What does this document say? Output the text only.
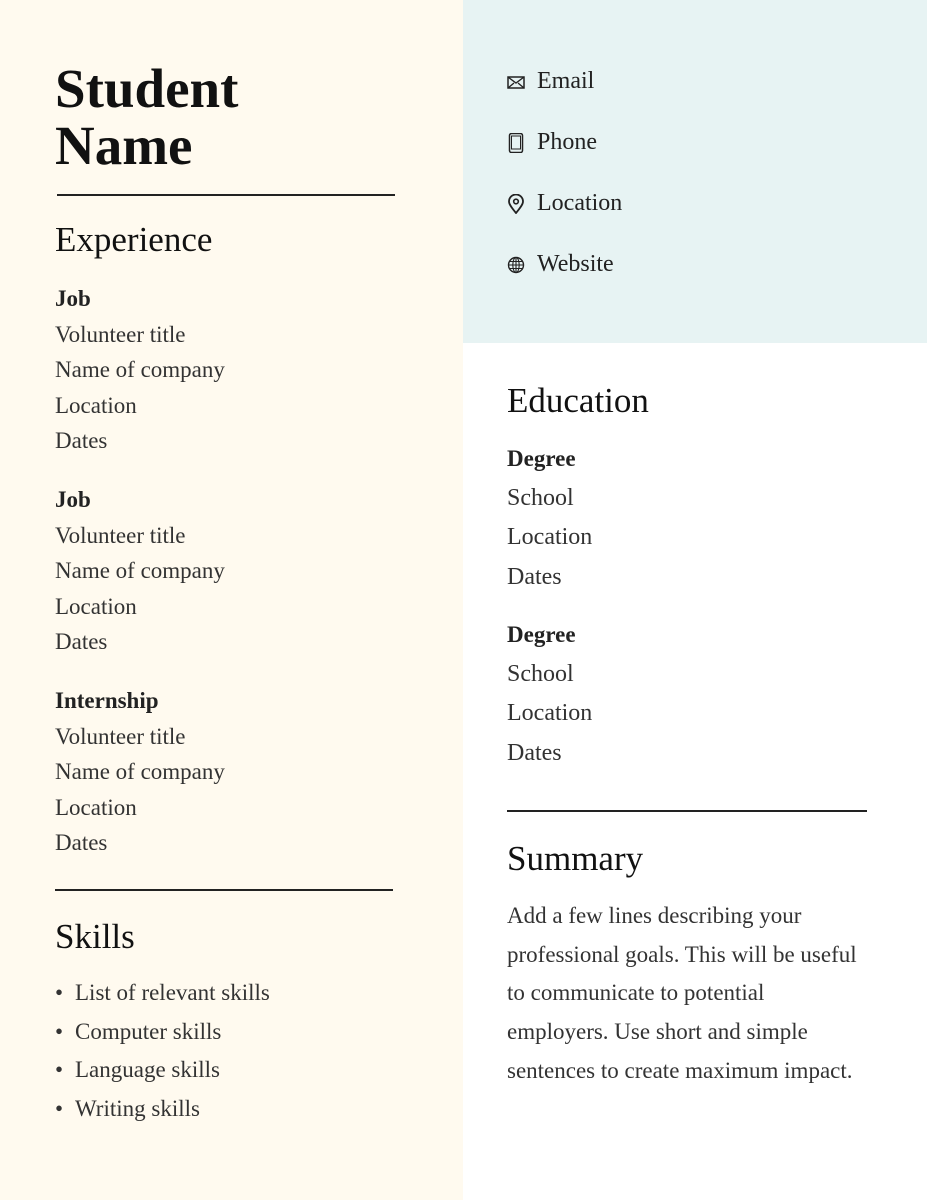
Student
Name
Experience
Job
Volunteer title
Name of company
Location
Dates
Job
Volunteer title
Name of company
Location
Dates
Internship
Volunteer title
Name of company
Location
Dates
Skills
• List of relevant skills
• Computer skills
• Language skills
• Writing skills
Email
Phone
Location
Website
Education
Degree
School
Location
Dates
Degree
School
Location
Dates
Summary
Add a few lines describing your professional goals. This will be useful to communicate to potential employers. Use short and simple sentences to create maximum impact.
